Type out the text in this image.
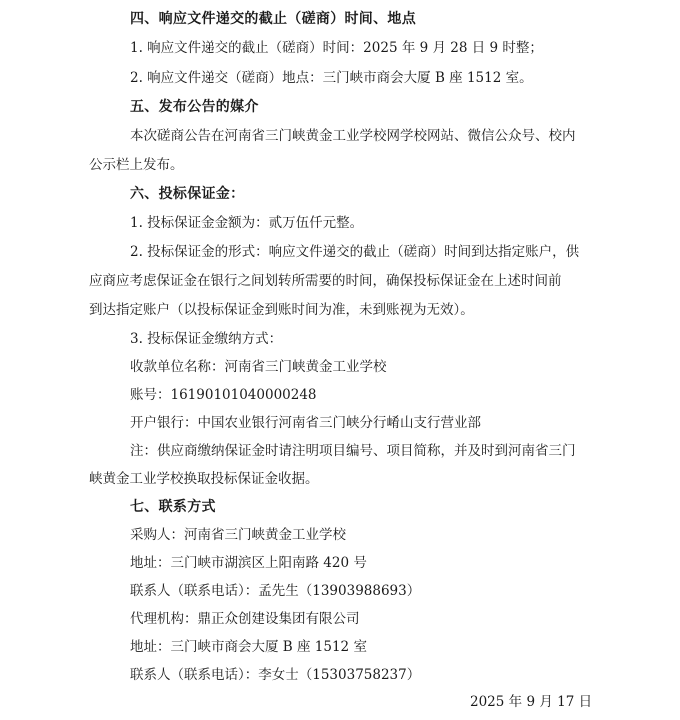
四、响应文件递交的截止（磋商）时间、地点
1. 响应文件递交的截止（磋商）时间：2025 年 9 月 28 日 9 时整；
2. 响应文件递交（磋商）地点：三门峡市商会大厦 B 座 1512 室。
五、发布公告的媒介
本次磋商公告在河南省三门峡黄金工业学校网学校网站、微信公众号、校内
公示栏上发布。
六、投标保证金：
1. 投标保证金金额为：贰万伍仟元整。
2. 投标保证金的形式：响应文件递交的截止（磋商）时间到达指定账户，供
应商应考虑保证金在银行之间划转所需要的时间，确保投标保证金在上述时间前
到达指定账户（以投标保证金到账时间为准，未到账视为无效）。
3. 投标保证金缴纳方式：
收款单位名称：河南省三门峡黄金工业学校
账号：16190101040000248
开户银行：中国农业银行河南省三门峡分行崤山支行营业部
注：供应商缴纳保证金时请注明项目编号、项目简称，并及时到河南省三门
峡黄金工业学校换取投标保证金收据。
七、联系方式
采购人：河南省三门峡黄金工业学校
地址：三门峡市湖滨区上阳南路 420 号
联系人（联系电话）：孟先生（13903988693）
代理机构：鼎正众创建设集团有限公司
地址：三门峡市商会大厦 B 座 1512 室
联系人（联系电话）：李女士（15303758237）
2025 年 9 月 17 日
